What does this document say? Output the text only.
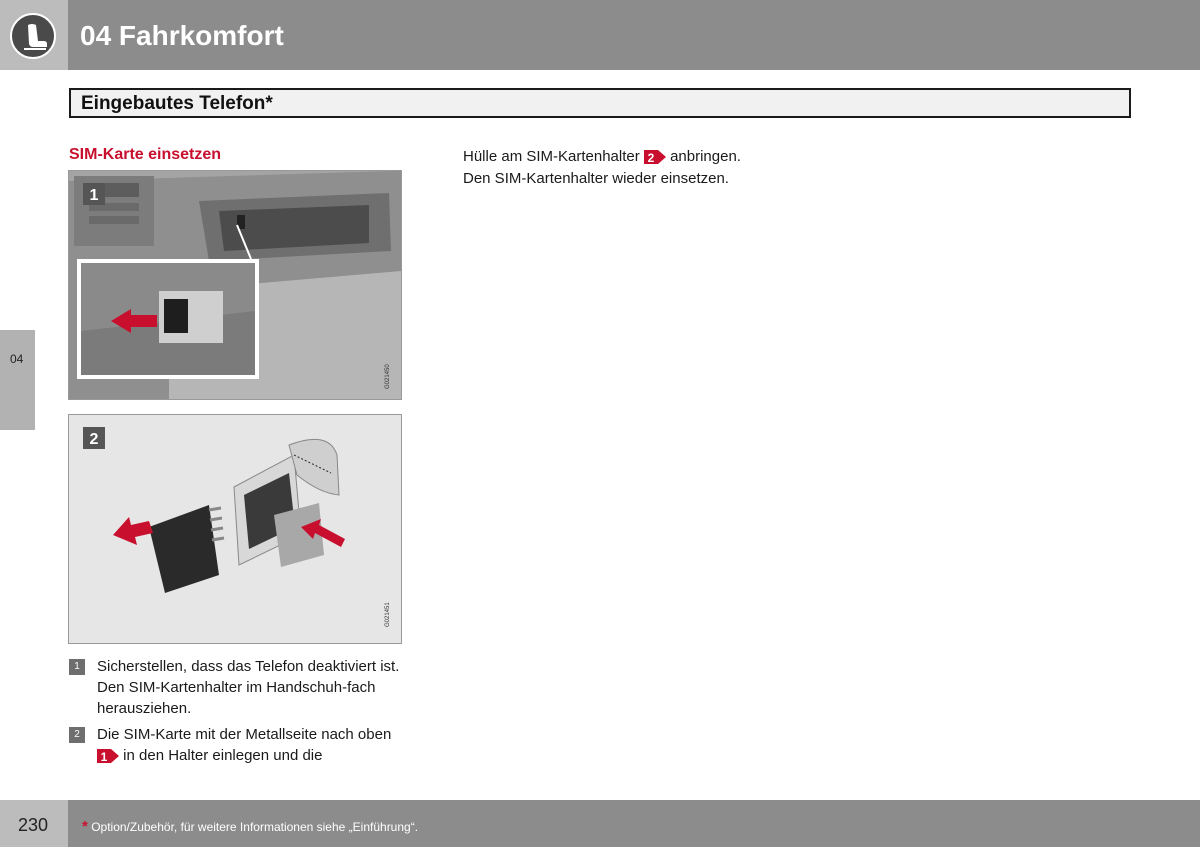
04 Fahrkomfort
Eingebautes Telefon*
04
SIM-Karte einsetzen
1
G021450
2
G021451
1	Sicherstellen, dass das Telefon deaktiviert ist. Den SIM-Kartenhalter im Handschuh-fach herausziehen.
2	Die SIM-Karte mit der Metallseite nach oben
1 in den Halter einlegen und die
Hülle am SIM-Kartenhalter 2 anbringen.
Den SIM-Kartenhalter wieder einsetzen.
230 * Option/Zubehör, für weitere Informationen siehe „Einführung“.
